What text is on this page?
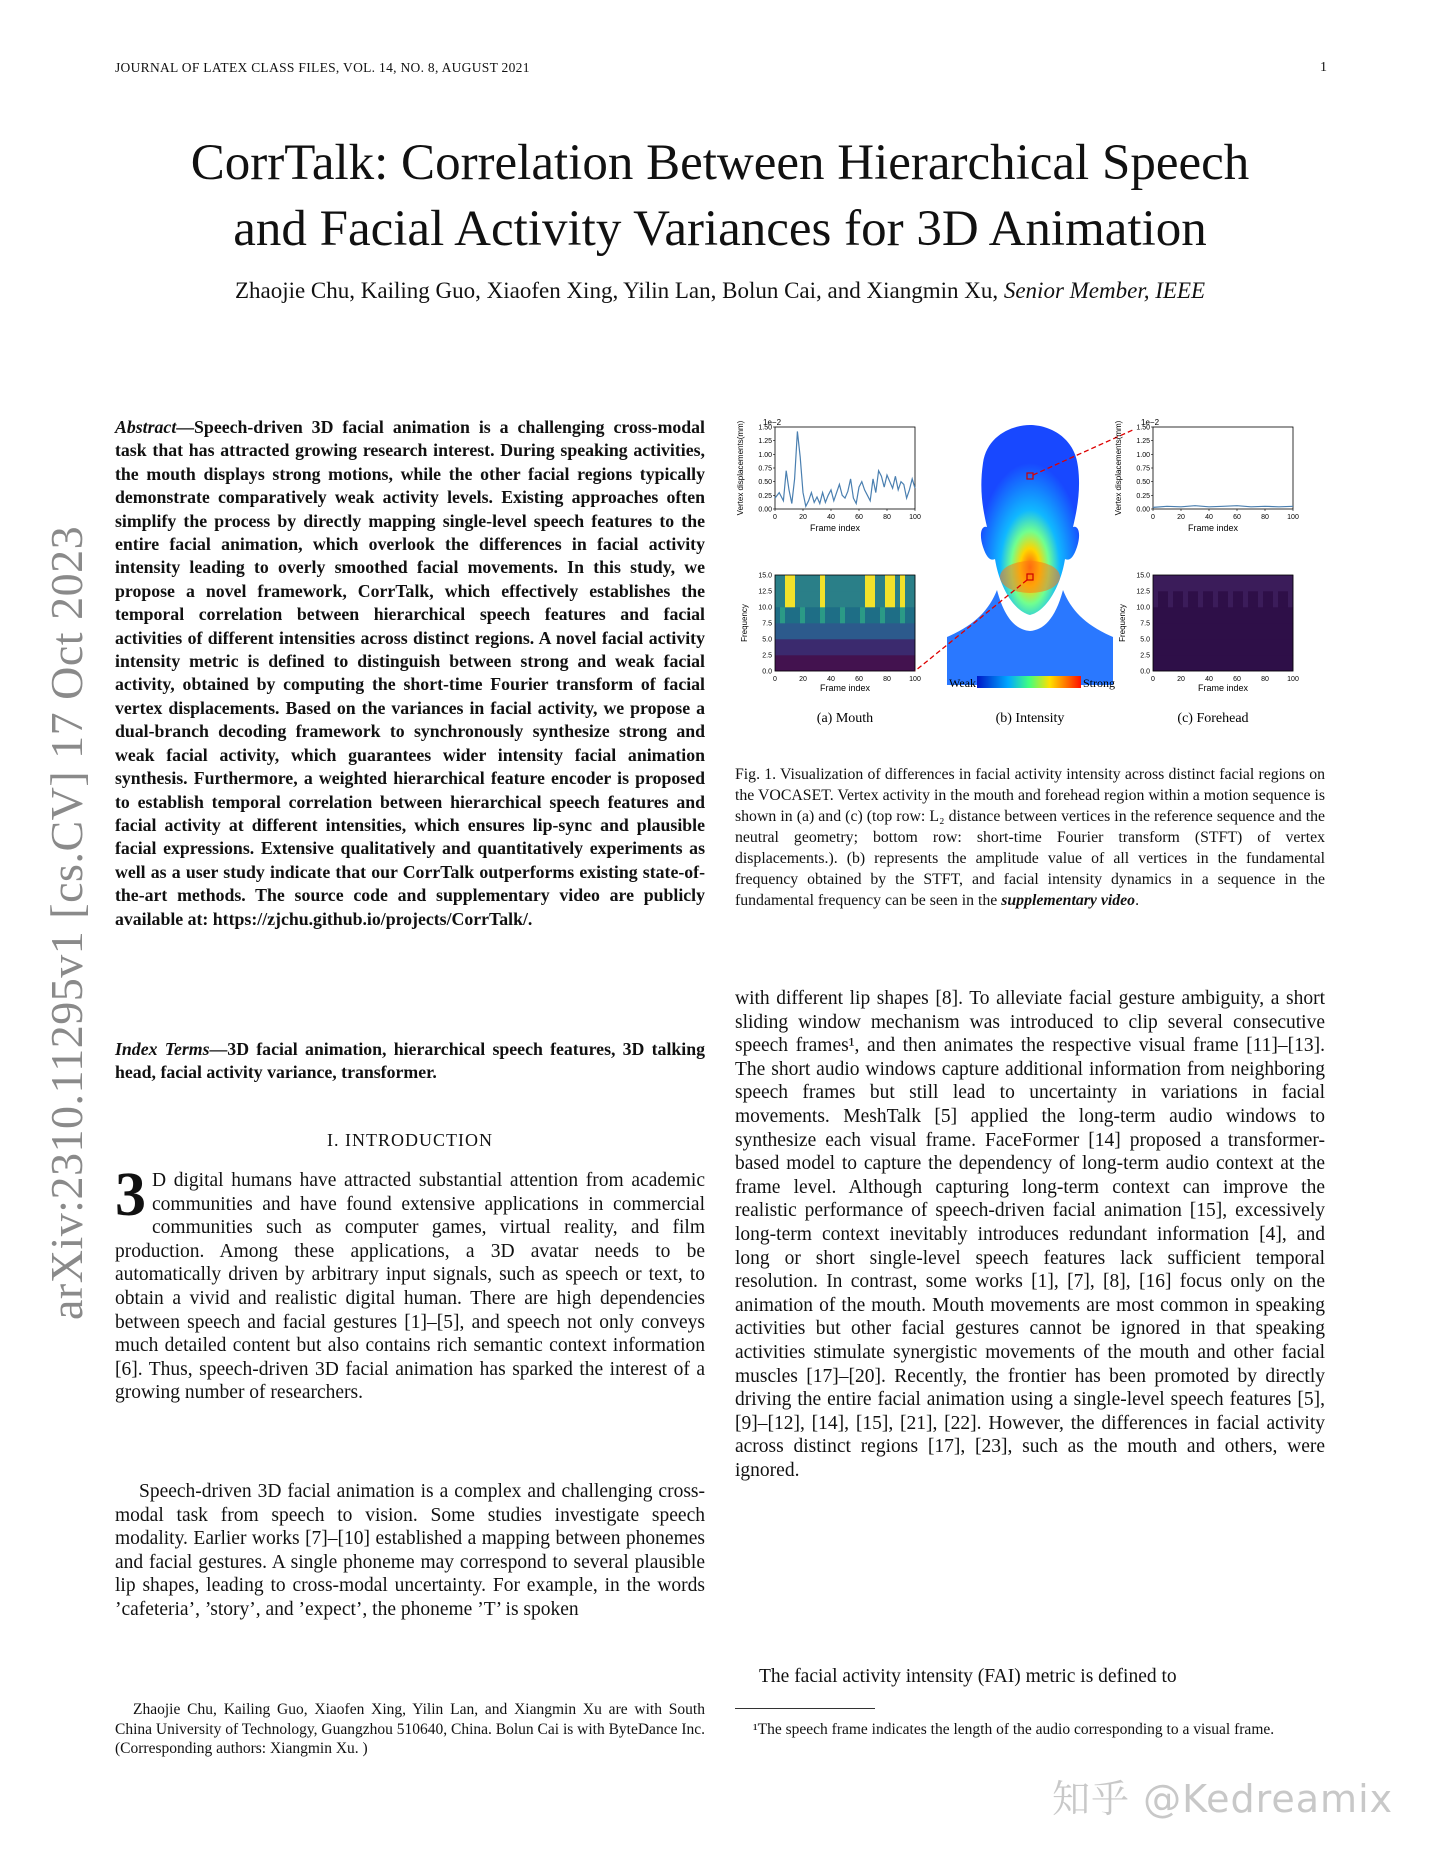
JOURNAL OF LATEX CLASS FILES, VOL. 14, NO. 8, AUGUST 2021	1
CorrTalk: Correlation Between Hierarchical Speech
and Facial Activity Variances for 3D Animation
Zhaojie Chu, Kailing Guo, Xiaofen Xing, Yilin Lan, Bolun Cai, and Xiangmin Xu, Senior Member, IEEE
arXiv:2310.11295v1 [cs.CV] 17 Oct 2023
Abstract—Speech-driven 3D facial animation is a challenging cross-modal task that has attracted growing research interest. During speaking activities, the mouth displays strong motions, while the other facial regions typically demonstrate comparatively weak activity levels. Existing approaches often simplify the process by directly mapping single-level speech features to the entire facial animation, which overlook the differences in facial activity intensity leading to overly smoothed facial movements. In this study, we propose a novel framework, CorrTalk, which effectively establishes the temporal correlation between hierarchical speech features and facial activities of different intensities across distinct regions. A novel facial activity intensity metric is defined to distinguish between strong and weak facial activity, obtained by computing the short-time Fourier transform of facial vertex displacements. Based on the variances in facial activity, we propose a dual-branch decoding framework to synchronously synthesize strong and weak facial activity, which guarantees wider intensity facial animation synthesis. Furthermore, a weighted hierarchical feature encoder is proposed to establish temporal correlation between hierarchical speech features and facial activity at different intensities, which ensures lip-sync and plausible facial expressions. Extensive qualitatively and quantitatively experiments as well as a user study indicate that our CorrTalk outperforms existing state-of-the-art methods. The source code and supplementary video are publicly available at: https://zjchu.github.io/projects/CorrTalk/.
Index Terms—3D facial animation, hierarchical speech features, 3D talking head, facial activity variance, transformer.
I. INTRODUCTION
3 D digital humans have attracted substantial attention from academic communities and have found extensive applications in commercial communities such as computer games, virtual reality, and film production. Among these applications, a 3D avatar needs to be automatically driven by arbitrary input signals, such as speech or text, to obtain a vivid and realistic digital human. There are high dependencies between speech and facial gestures [1]–[5], and speech not only conveys much detailed content but also contains rich semantic context information [6]. Thus, speech-driven 3D facial animation has sparked the interest of a growing number of researchers.
Speech-driven 3D facial animation is a complex and challenging cross-modal task from speech to vision. Some studies investigate speech modality. Earlier works [7]–[10] established a mapping between phonemes and facial gestures. A single phoneme may correspond to several plausible lip shapes, leading to cross-modal uncertainty. For example, in the words ’cafeteria’, ’story’, and ’expect’, the phoneme ’T’ is spoken
Zhaojie Chu, Kailing Guo, Xiaofen Xing, Yilin Lan, and Xiangmin Xu are with South China University of Technology, Guangzhou 510640, China. Bolun Cai is with ByteDance Inc. (Corresponding authors: Xiangmin Xu. )
1e−2
0.00
0.25
0.50
0.75
1.00
1.25
1.50
0	20	40	60	80	100
Frame index
Vertex displacements(mm)
0.0
2.5
5.0
7.5
10.0
12.5
15.0
0	20	40	60	80	100
Frame index
Frequency
(a) Mouth
Weak	Strong
(b) Intensity
1e−2
0.00
0.25
0.50
0.75
1.00
1.25
1.50
0	20	40	60	80	100
Frame index
Vertex displacements(mm)
0.0
2.5
5.0
7.5
10.0
12.5
15.0
0	20	40	60	80	100
Frame index
Frequency
(c) Forehead
Fig. 1. Visualization of differences in facial activity intensity across distinct facial regions on the VOCASET. Vertex activity in the mouth and forehead region within a motion sequence is shown in (a) and (c) (top row: L₂ distance between vertices in the reference sequence and the neutral geometry; bottom row: short-time Fourier transform (STFT) of vertex displacements.). (b) represents the amplitude value of all vertices in the fundamental frequency obtained by the STFT, and facial intensity dynamics in a sequence in the fundamental frequency can be seen in the supplementary video.
with different lip shapes [8]. To alleviate facial gesture ambiguity, a short sliding window mechanism was introduced to clip several consecutive speech frames¹, and then animates the respective visual frame [11]–[13]. The short audio windows capture additional information from neighboring speech frames but still lead to uncertainty in variations in facial movements. MeshTalk [5] applied the long-term audio windows to synthesize each visual frame. FaceFormer [14] proposed a transformer-based model to capture the dependency of long-term audio context at the frame level. Although capturing long-term context can improve the realistic performance of speech-driven facial animation [15], excessively long-term context inevitably introduces redundant information [4], and long or short single-level speech features lack sufficient temporal resolution. In contrast, some works [1], [7], [8], [16] focus only on the animation of the mouth. Mouth movements are most common in speaking activities but other facial gestures cannot be ignored in that speaking activities stimulate synergistic movements of the mouth and other facial muscles [17]–[20]. Recently, the frontier has been promoted by directly driving the entire facial animation using a single-level speech features [5], [9]–[12], [14], [15], [21], [22]. However, the differences in facial activity across distinct regions [17], [23], such as the mouth and others, were ignored.
The facial activity intensity (FAI) metric is defined to
¹The speech frame indicates the length of the audio corresponding to a visual frame.
知乎 @Kedreamix
